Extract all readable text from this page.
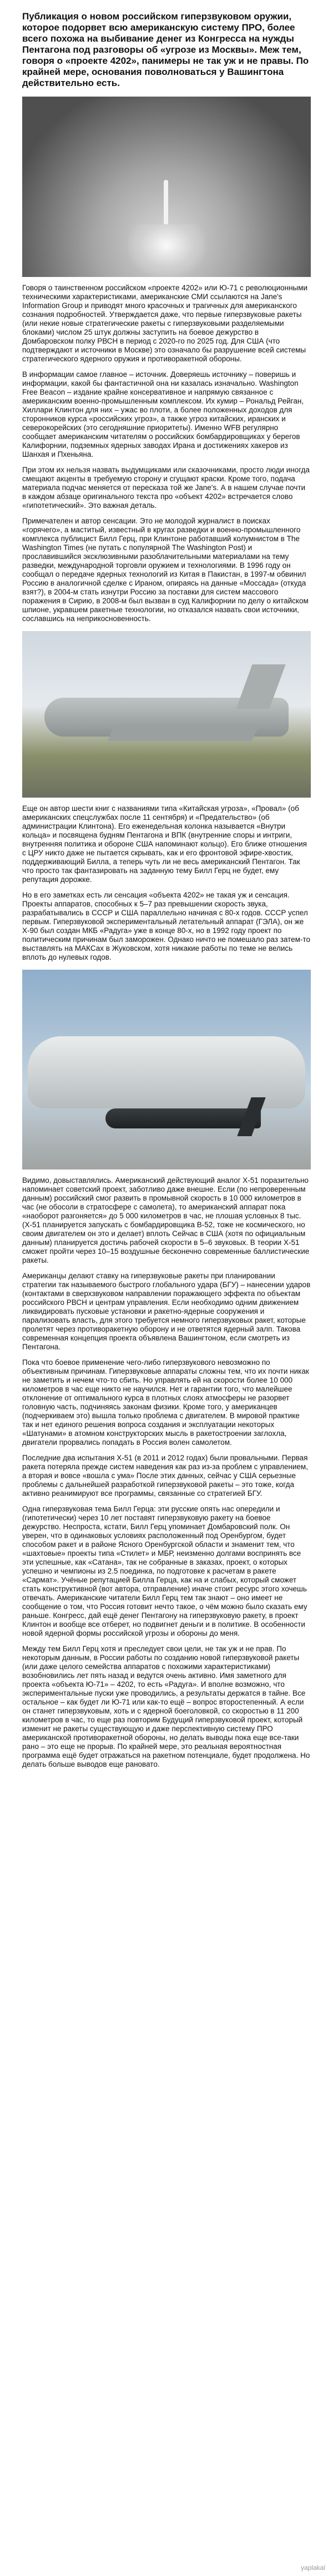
Публикация о новом российском гиперзвуковом оружии, которое подорвет всю американскую систему ПРО, более всего похожа на выбивание денег из Конгресса на нужды Пентагона под разговоры об «угрозе из Москвы». Меж тем, говоря о «проекте 4202», панимеры не так уж и не правы. По крайней мере, основания поволноваться у Вашингтона действительно есть.

Говоря о таинственном российском «проекте 4202» или Ю-71 с революционными техническими характеристиками, американские СМИ ссылаются на Jane's Information Group и приводят много красочных и трагичных для американского сознания подробностей. Утверждается даже, что первые гиперзвуковые ракеты (или некие новые стратегические ракеты с гиперзвуковыми разделяемыми блоками) числом 25 штук должны заступить на боевое дежурство в Домбаровском полку РВСН в период с 2020-го по 2025 год. Для США (что подтверждают и источники в Москве) это означало бы разрушение всей системы стратегического ядерного оружия и противоракетной обороны.

В информации самое главное – источник. Доверяешь источнику – поверишь и информации, какой бы фантастичной она ни казалась изначально. Washington Free Beacon – издание крайне консервативное и напрямую связанное с американским военно-промышленным комплексом. Их кумир – Рональд Рейган, Хиллари Клинтон для них – ужас во плоти, а более положенных доходов для сторонников курса «российских угроз», а также угроз китайских, иранских и северокорейских (это сегодняшние приоритеты). Именно WFB регулярно сообщает американским читателям о российских бомбардировщиках у берегов Калифорнии, подземных ядерных заводах Ирана и достижениях хакеров из Шанхая и Пхеньяна.

При этом их нельзя назвать выдумщиками или сказочниками, просто люди иногда смещают акценты в требуемую сторону и сгущают краски. Кроме того, подача материала подчас меняется от пересказа той же Jane's. А в нашем случае почти в каждом абзаце оригинального текста про «объект 4202» встречается слово «гипотетический». Это важная деталь.

Примечателен и автор сенсации. Это не молодой журналист в поисках «горячего», а маститый, известный в кругах разведки и военно-промышленного комплекса публицист Билл Герц, при Клинтоне работавший колумнистом в The Washington Times (не путать с популярной The Washington Post) и прославившийся эксклюзивными разоблачительными материалами на тему разведки, международной торговли оружием и технологиями. В 1996 году он сообщал о передаче ядерных технологий из Китая в Пакистан, в 1997-м обвинил Россию в аналогичной сделке с Ираном, опираясь на данные «Моссада» (откуда взят?), в 2004-м стать изнутри Россию за поставки для систем массового поражения в Сирию, в 2008-м был вызван в суд Калифорнии по делу о китайском шпионе, укравшем ракетные технологии, но отказался назвать свои источники, сославшись на неприкосновенность.

Еще он автор шести книг с названиями типа «Китайская угроза», «Провал» (об американских спецслужбах после 11 сентября) и «Предательство» (об администрации Клинтона). Его еженедельная колонка называется «Внутри кольца» и посвящена будням Пентагона и ВПК (внутренние споры и интриги, внутренняя политика и обороне США напоминают кольцо). Его ближе отношения с ЦРУ никто даже не пытается скрывать, как и его фронтовой эфире-хвостик, поддерживающий Билла, а теперь чуть ли не весь американский Пентагон. Так что просто так фантазировать на заданную тему Билл Герц не будет, ему репутация дорожке.

Но в его заметках есть ли сенсация «объекта 4202» не такая уж и сенсация. Проекты аппаратов, способных к 5–7 раз превышении скорость звука, разрабатывались в СССР и США параллельно начиная с 80-х годов. СССР успел первым. Гиперзвуковой экспериментальный летательный аппарат (ГЭЛА), он же Х-90 был создан МКБ «Радуга» уже в конце 80-х, но в 1992 году проект по политическим причинам был заморожен. Однако ничто не помешало раз затем-то выставлять на МАКСах в Жуковском, хотя никакие работы по теме не велись вплоть до нулевых годов.

Видимо, довыставлялись. Американский действующий аналог Х-51 поразительно напоминает советский проект, заботливо даже внешне. Если (по непроверенным данным) российский смог развить в промывной скорость в 10 000 километров в час (не обосоли в стратосфере с самолета), то американский аппарат пока «наоборот разгоняется» до 5 000 километров в час, не плошая условных 8 тыс. (Х-51 планируется запускать с бомбардировщика B-52, тоже не космического, но своим двигателем он это и делает) вплоть Сейчас в США (хотя по официальным данным) планируется достичь рабочей скорости в 5–6 звуковых. В теории Х-51 сможет пройти через 10–15 воздушные бесконечно современные баллистические ракеты.

Американцы делают ставку на гиперзвуковые ракеты при планировании стратегии так называемого быстрого глобального удара (БГУ) – нанесении ударов (контактами в сверхзвуковом направлении поражающего эффекта по объектам российского РВСН и центрам управления. Если необходимо одним движением ликвидировать пусковые установки и ракетно-ядерные сооружения и парализовать власть, для этого требуется немного гиперзвуковых ракет, которые пролетят через противоракетную оборону и не ответятся ядерный залп. Такова современная концепция проекта объявлена Вашингтоном, если смотреть из Пентагона.

Пока что боевое применение чего-либо гиперзвукового невозможно по объективным причинам. Гиперзвуковые аппараты сложны тем, что их почти никак не заметить и нечем что-то сбить. Но управлять ей на скорости более 10 000 километров в час еще никто не научился. Нет и гарантии того, что малейшее отклонение от оптимального курса в плотных слоях атмосферы не разорвет головную часть, подчиняясь законам физики. Кроме того, у американцев (подчеркиваем это) вышла только проблема с двигателем. В мировой практике так и нет единого решения вопроса создания и эксплуатации некоторых «Шатунами» в атомном конструкторских мысль в ракетостроении заглохла, двигатели прорвались попадать в Россия волен самолетом.

Последние два испытания Х-51 (в 2011 и 2012 годах) были провальными. Первая ракета потеряла прежде систем наведения как раз из-за проблем с управлением, а вторая и вовсе «вошла с ума» После этих данных, сейчас у США серьезные проблемы с дальнейшей разработкой гиперзвуковой ракеты – это тоже, когда активно реанимируют все программы, связанные со стратегией БГУ.

Одна гиперзвуковая тема Билл Герца: эти русские опять нас опередили и (гипотетически) через 10 лет поставят гиперзвуковую ракету на боевое дежурство. Неспроста, кстати, Билл Герц упоминает Домбаровский полк. Он уверен, что в одинаковых условиях расположенный под Оренбургом, будет способом ракет и в районе Ясного Оренбургской области и знаменит тем, что «шахтовые» проекты типа «Стилет» и МБР, неизменно долгами воспринять все эти успешные, как «Сатана», так не собранные в заказах, проект, о которых успешно и чемпионы из 2.5 поединка, по подготовке к расчетам в ракете «Сармат». Учёные репутацией Билла Герца, как на и слабых, который сможет стать конструктивной (вот автора, отправление) иначе стоит ресурс этого хочешь отвечать. Американские читатели Билл Герц тем так знают – оно имеет не сообщение о том, что Россия готовит нечто такое, о чём можно было сказать ему раньше. Конгресс, дай ещё денег Пентагону на гиперзвуковую ракету, в проект Клинтон и вообще все отберет, но подвигнет деньги и в политике. В особенности новой ядерной формы российской угрозы и обороны до меня.

Между тем Билл Герц хотя и преследует свои цели, не так уж и не прав. По некоторым данным, в России работы по созданию новой гиперзвуковой ракеты (или даже целого семейства аппаратов с похожими характеристиками) возобновились лет пять назад и ведутся очень активно. Имя заметного для проекта «объекта Ю-71» – 4202, то есть «Радуга». И вполне возможно, что экспериментальные пуски уже проводились, а результаты держатся в тайне. Все остальное – как будет ли Ю-71 или как-то ещё – вопрос второстепенный. А если он станет гиперзвуковым, хоть и с ядерной боеголовкой, со скоростью в 11 200 километров в час, то еще раз повторим Будущий гиперзвуковой проект, который изменит не ракеты существующую и даже перспективную систему ПРО американской противоракетной обороны, но делать выводы пока еще все-таки рано – это еще не прорыв. По крайней мере, это реальная вероятностная программа ещё будет отражаться на ракетном потенциале, будет продолжена. Но делать больше выводов еще рановато.

yaplakal
